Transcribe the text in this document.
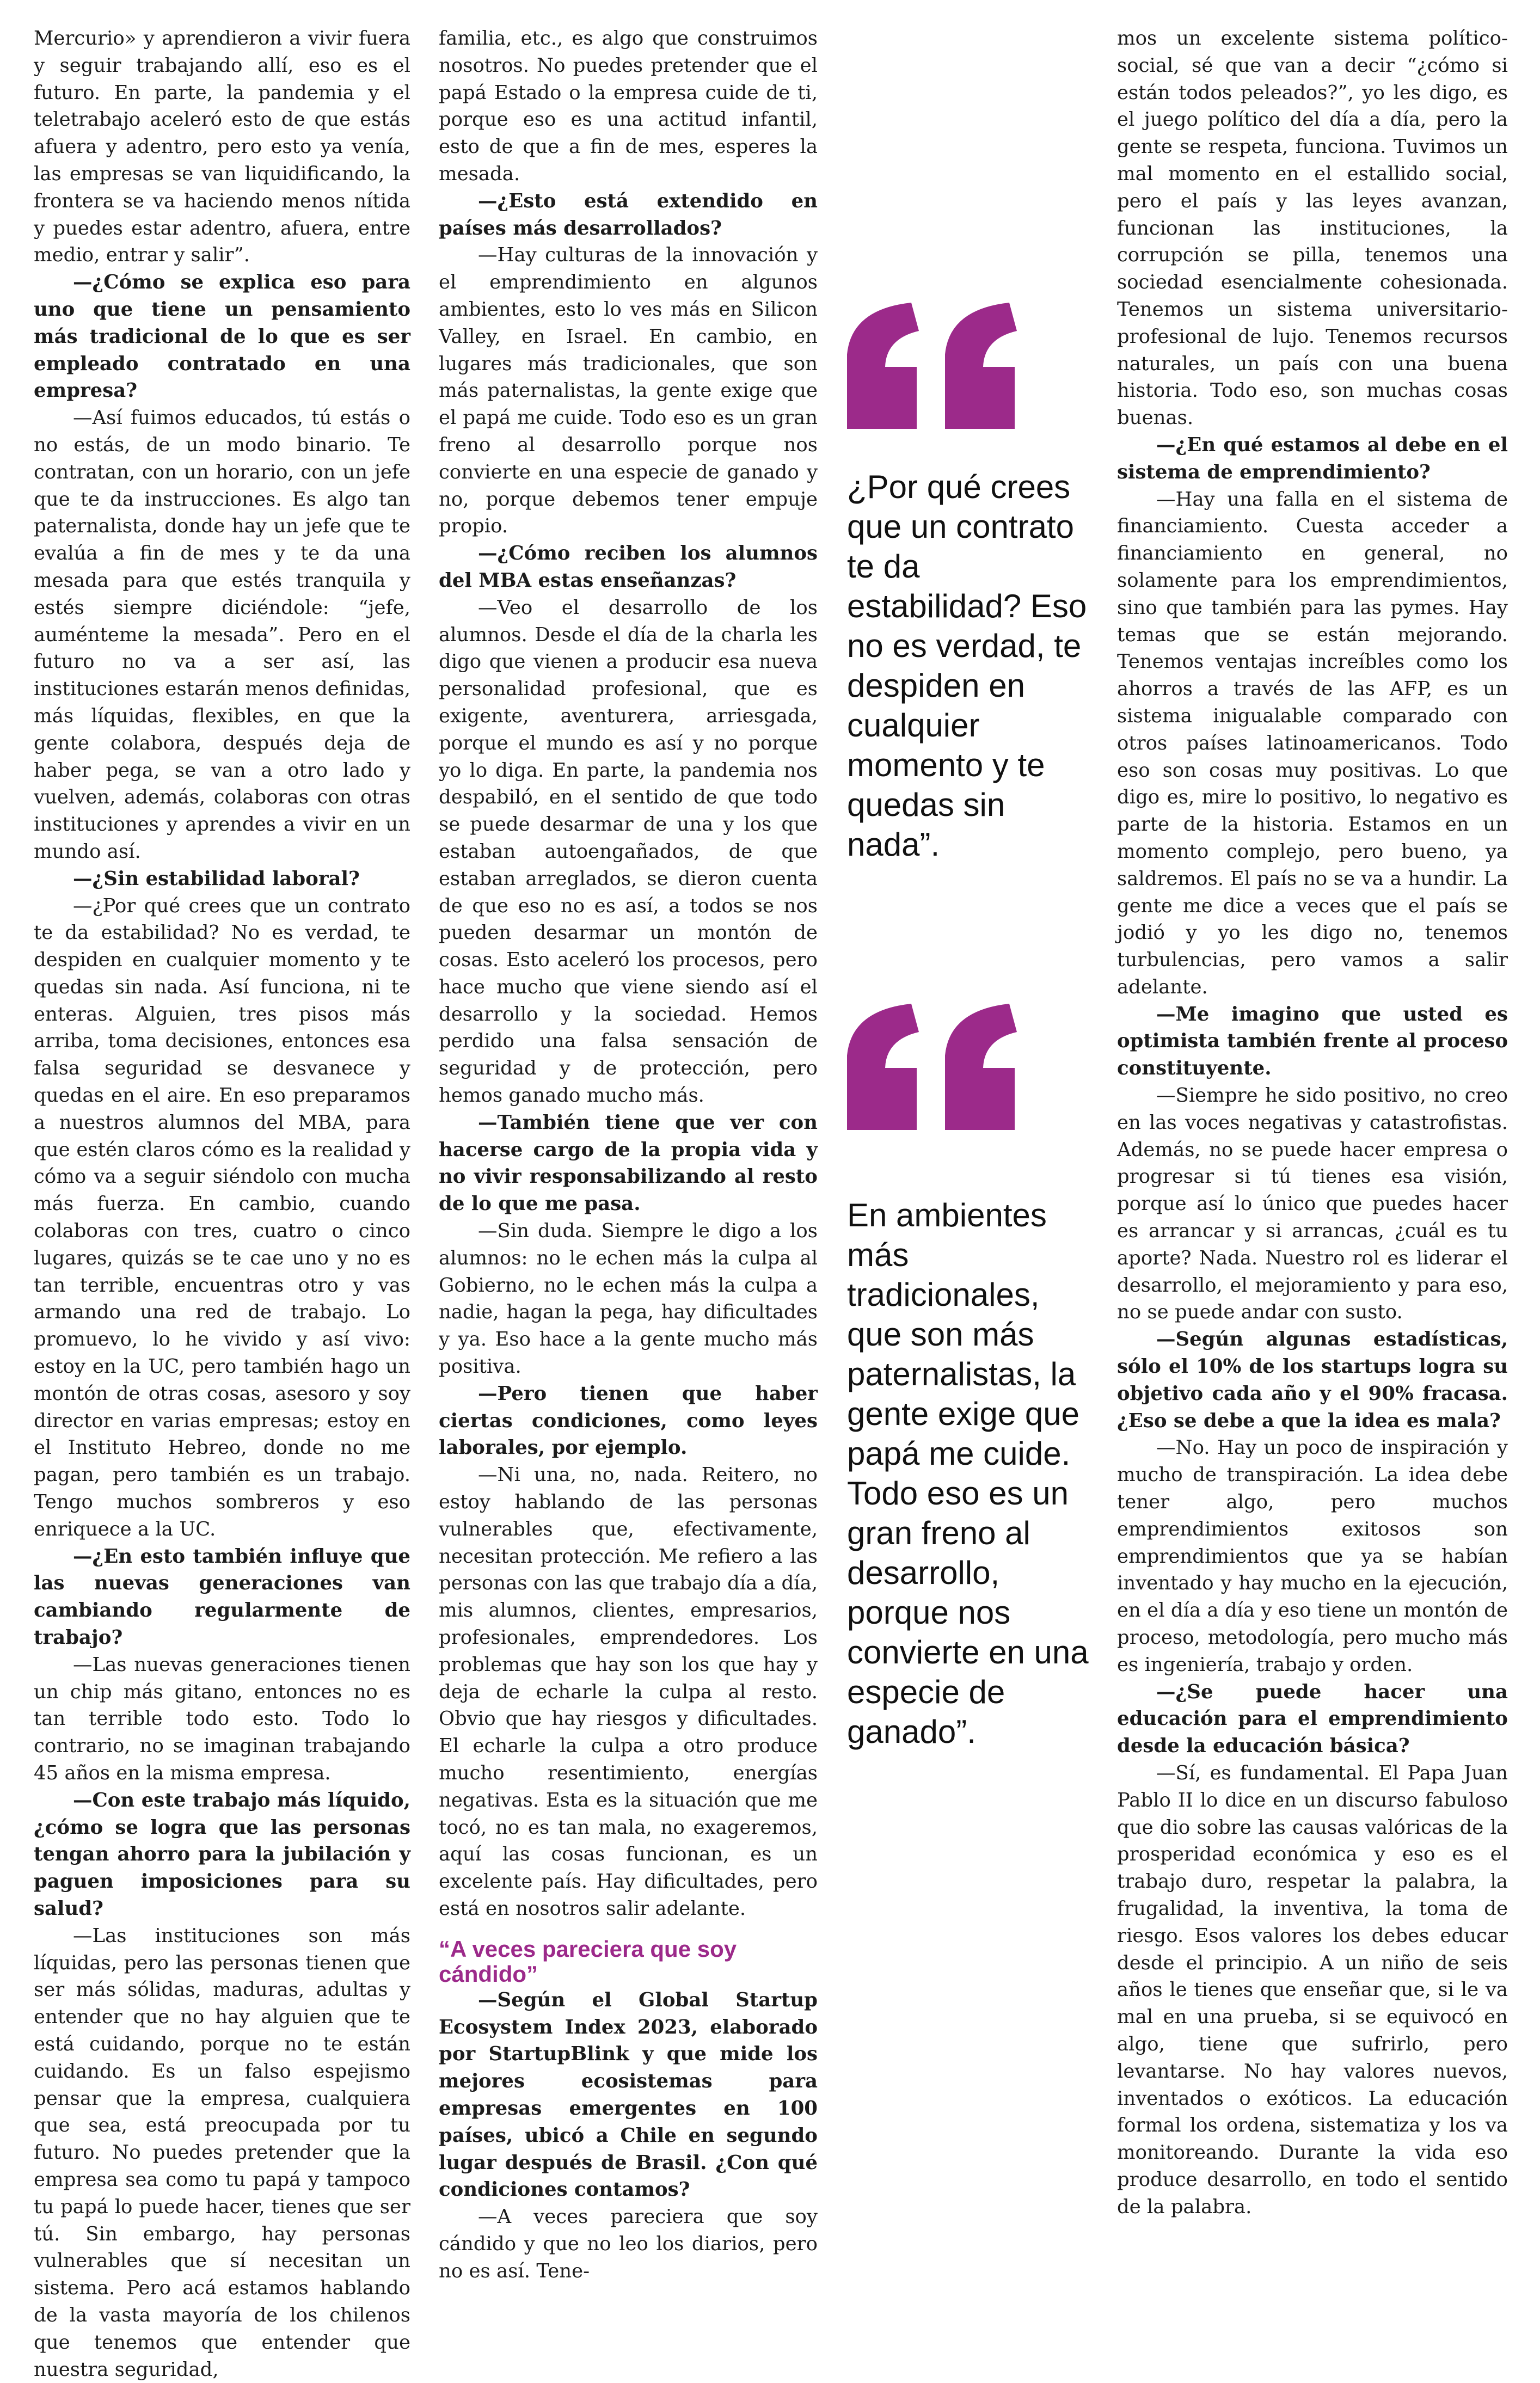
Mercurio» y aprendieron a vivir fuera y seguir trabajando allí, eso es el futuro. En parte, la pandemia y el teletrabajo aceleró esto de que estás afuera y adentro, pero esto ya venía, las empresas se van liquidificando, la frontera se va haciendo menos nítida y puedes estar adentro, afuera, entre medio, entrar y salir”.

—¿Cómo se explica eso para uno que tiene un pensamiento más tradicional de lo que es ser empleado contratado en una empresa?

—Así fuimos educados, tú estás o no estás, de un modo binario. Te contratan, con un horario, con un jefe que te da instrucciones. Es algo tan paternalista, donde hay un jefe que te evalúa a fin de mes y te da una mesada para que estés tranquila y estés siempre diciéndole: “jefe, auménteme la mesada”. Pero en el futuro no va a ser así, las instituciones estarán menos definidas, más líquidas, flexibles, en que la gente colabora, después deja de haber pega, se van a otro lado y vuelven, además, colaboras con otras instituciones y aprendes a vivir en un mundo así.

—¿Sin estabilidad laboral?

—¿Por qué crees que un contrato te da estabilidad? No es verdad, te despiden en cualquier momento y te quedas sin nada. Así funciona, ni te enteras. Alguien, tres pisos más arriba, toma decisiones, entonces esa falsa seguridad se desvanece y quedas en el aire. En eso preparamos a nuestros alumnos del MBA, para que estén claros cómo es la realidad y cómo va a seguir siéndolo con mucha más fuerza. En cambio, cuando colaboras con tres, cuatro o cinco lugares, quizás se te cae uno y no es tan terrible, encuentras otro y vas armando una red de trabajo. Lo promuevo, lo he vivido y así vivo: estoy en la UC, pero también hago un montón de otras cosas, asesoro y soy director en varias empresas; estoy en el Instituto Hebreo, donde no me pagan, pero también es un trabajo. Tengo muchos sombreros y eso enriquece a la UC.

—¿En esto también influye que las nuevas generaciones van cambiando regularmente de trabajo?

—Las nuevas generaciones tienen un chip más gitano, entonces no es tan terrible todo esto. Todo lo contrario, no se imaginan trabajando 45 años en la misma empresa.

—Con este trabajo más líquido, ¿cómo se logra que las personas tengan ahorro para la jubilación y paguen imposiciones para su salud?

—Las instituciones son más líquidas, pero las personas tienen que ser más sólidas, maduras, adultas y entender que no hay alguien que te está cuidando, porque no te están cuidando. Es un falso espejismo pensar que la empresa, cualquiera que sea, está preocupada por tu futuro. No puedes pretender que la empresa sea como tu papá y tampoco tu papá lo puede hacer, tienes que ser tú. Sin embargo, hay personas vulnerables que sí necesitan un sistema. Pero acá estamos hablando de la vasta mayoría de los chilenos que tenemos que entender que nuestra seguridad,

familia, etc., es algo que construimos nosotros. No puedes pretender que el papá Estado o la empresa cuide de ti, porque eso es una actitud infantil, esto de que a fin de mes, esperes la mesada.

—¿Esto está extendido en países más desarrollados?

—Hay culturas de la innovación y el emprendimiento en algunos ambientes, esto lo ves más en Silicon Valley, en Israel. En cambio, en lugares más tradicionales, que son más paternalistas, la gente exige que el papá me cuide. Todo eso es un gran freno al desarrollo porque nos convierte en una especie de ganado y no, porque debemos tener empuje propio.

—¿Cómo reciben los alumnos del MBA estas enseñanzas?

—Veo el desarrollo de los alumnos. Desde el día de la charla les digo que vienen a producir esa nueva personalidad profesional, que es exigente, aventurera, arriesgada, porque el mundo es así y no porque yo lo diga. En parte, la pandemia nos despabiló, en el sentido de que todo se puede desarmar de una y los que estaban autoengañados, de que estaban arreglados, se dieron cuenta de que eso no es así, a todos se nos pueden desarmar un montón de cosas. Esto aceleró los procesos, pero hace mucho que viene siendo así el desarrollo y la sociedad. Hemos perdido una falsa sensación de seguridad y de protección, pero hemos ganado mucho más.

—También tiene que ver con hacerse cargo de la propia vida y no vivir responsabilizando al resto de lo que me pasa.

—Sin duda. Siempre le digo a los alumnos: no le echen más la culpa al Gobierno, no le echen más la culpa a nadie, hagan la pega, hay dificultades y ya. Eso hace a la gente mucho más positiva.

—Pero tienen que haber ciertas condiciones, como leyes laborales, por ejemplo.

—Ni una, no, nada. Reitero, no estoy hablando de las personas vulnerables que, efectivamente, necesitan protección. Me refiero a las personas con las que trabajo día a día, mis alumnos, clientes, empresarios, profesionales, emprendedores. Los problemas que hay son los que hay y deja de echarle la culpa al resto. Obvio que hay riesgos y dificultades. El echarle la culpa a otro produce mucho resentimiento, energías negativas. Esta es la situación que me tocó, no es tan mala, no exageremos, aquí las cosas funcionan, es un excelente país. Hay dificultades, pero está en nosotros salir adelante.

“A veces pareciera que soy cándido”

—Según el Global Startup Ecosystem Index 2023, elaborado por StartupBlink y que mide los mejores ecosistemas para empresas emergentes en 100 países, ubicó a Chile en segundo lugar después de Brasil. ¿Con qué condiciones contamos?

—A veces pareciera que soy cándido y que no leo los diarios, pero no es así. Tene-

¿Por qué crees que un contrato te da estabilidad? Eso no es verdad, te despiden en cualquier momento y te quedas sin nada”.
En ambientes más tradicionales, que son más paternalistas, la gente exige que papá me cuide. Todo eso es un gran freno al desarrollo, porque nos convierte en una especie de ganado”.

mos un excelente sistema político-social, sé que van a decir “¿cómo si están todos peleados?”, yo les digo, es el juego político del día a día, pero la gente se respeta, funciona. Tuvimos un mal momento en el estallido social, pero el país y las leyes avanzan, funcionan las instituciones, la corrupción se pilla, tenemos una sociedad esencialmente cohesionada. Tenemos un sistema universitario-profesional de lujo. Tenemos recursos naturales, un país con una buena historia. Todo eso, son muchas cosas buenas.

—¿En qué estamos al debe en el sistema de emprendimiento?

—Hay una falla en el sistema de financiamiento. Cuesta acceder a financiamiento en general, no solamente para los emprendimientos, sino que también para las pymes. Hay temas que se están mejorando. Tenemos ventajas increíbles como los ahorros a través de las AFP, es un sistema inigualable comparado con otros países latinoamericanos. Todo eso son cosas muy positivas. Lo que digo es, mire lo positivo, lo negativo es parte de la historia. Estamos en un momento complejo, pero bueno, ya saldremos. El país no se va a hundir. La gente me dice a veces que el país se jodió y yo les digo no, tenemos turbulencias, pero vamos a salir adelante.

—Me imagino que usted es optimista también frente al proceso constituyente.

—Siempre he sido positivo, no creo en las voces negativas y catastrofistas. Además, no se puede hacer empresa o progresar si tú tienes esa visión, porque así lo único que puedes hacer es arrancar y si arrancas, ¿cuál es tu aporte? Nada. Nuestro rol es liderar el desarrollo, el mejoramiento y para eso, no se puede andar con susto.

—Según algunas estadísticas, sólo el 10% de los startups logra su objetivo cada año y el 90% fracasa. ¿Eso se debe a que la idea es mala?

—No. Hay un poco de inspiración y mucho de transpiración. La idea debe tener algo, pero muchos emprendimientos exitosos son emprendimientos que ya se habían inventado y hay mucho en la ejecución, en el día a día y eso tiene un montón de proceso, metodología, pero mucho más es ingeniería, trabajo y orden.

—¿Se puede hacer una educación para el emprendimiento desde la educación básica?

—Sí, es fundamental. El Papa Juan Pablo II lo dice en un discurso fabuloso que dio sobre las causas valóricas de la prosperidad económica y eso es el trabajo duro, respetar la palabra, la frugalidad, la inventiva, la toma de riesgo. Esos valores los debes educar desde el principio. A un niño de seis años le tienes que enseñar que, si le va mal en una prueba, si se equivocó en algo, tiene que sufrirlo, pero levantarse. No hay valores nuevos, inventados o exóticos. La educación formal los ordena, sistematiza y los va monitoreando. Durante la vida eso produce desarrollo, en todo el sentido de la palabra.
